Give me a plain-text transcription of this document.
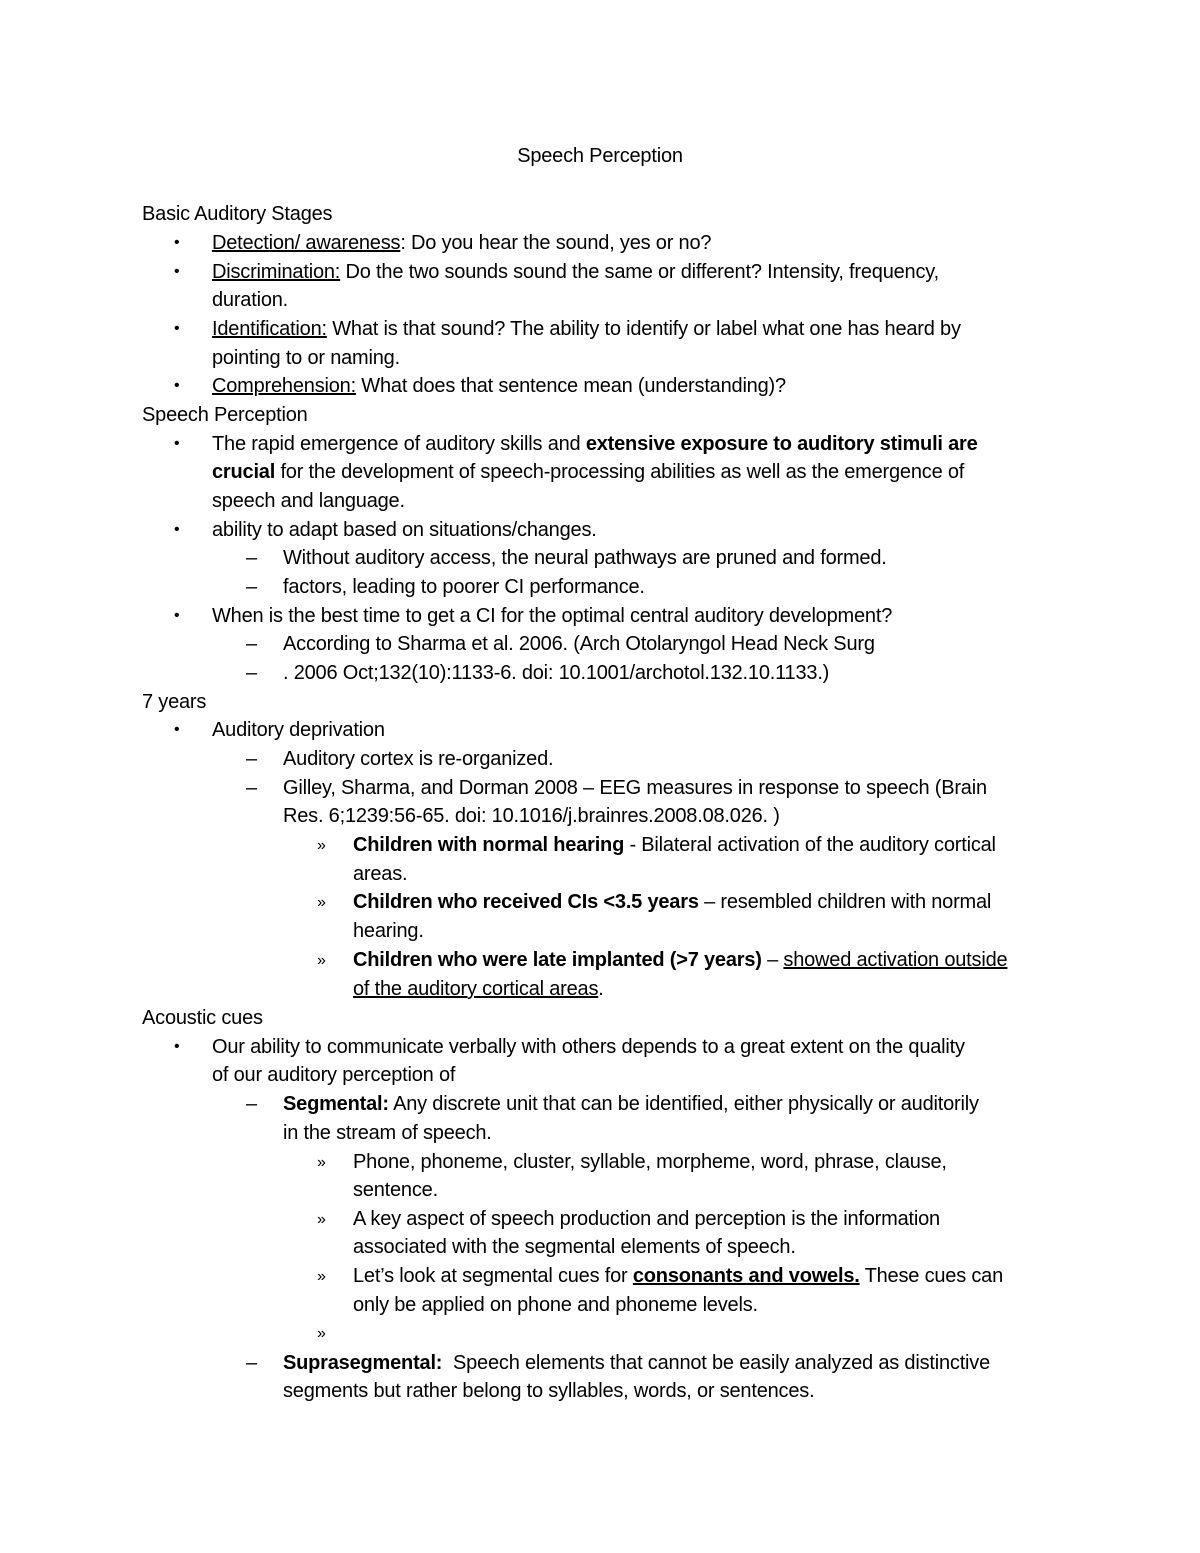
Speech Perception
Basic Auditory Stages
• Detection/ awareness: Do you hear the sound, yes or no?
• Discrimination: Do the two sounds sound the same or different? Intensity, frequency,
duration.
• Identification: What is that sound? The ability to identify or label what one has heard by
pointing to or naming.
• Comprehension: What does that sentence mean (understanding)?
Speech Perception
• The rapid emergence of auditory skills and extensive exposure to auditory stimuli are
crucial for the development of speech-processing abilities as well as the emergence of
speech and language.
• ability to adapt based on situations/changes.
– Without auditory access, the neural pathways are pruned and formed.
– factors, leading to poorer CI performance.
• When is the best time to get a CI for the optimal central auditory development?
– According to Sharma et al. 2006. (Arch Otolaryngol Head Neck Surg
– . 2006 Oct;132(10):1133-6. doi: 10.1001/archotol.132.10.1133.)
7 years
• Auditory deprivation
– Auditory cortex is re-organized.
– Gilley, Sharma, and Dorman 2008 – EEG measures in response to speech (Brain
Res. 6;1239:56-65. doi: 10.1016/j.brainres.2008.08.026. )
» Children with normal hearing - Bilateral activation of the auditory cortical
areas.
» Children who received CIs <3.5 years – resembled children with normal
hearing.
» Children who were late implanted (>7 years) – showed activation outside
of the auditory cortical areas.
Acoustic cues
• Our ability to communicate verbally with others depends to a great extent on the quality
of our auditory perception of
– Segmental: Any discrete unit that can be identified, either physically or auditorily
in the stream of speech.
» Phone, phoneme, cluster, syllable, morpheme, word, phrase, clause,
sentence.
» A key aspect of speech production and perception is the information
associated with the segmental elements of speech.
» Let’s look at segmental cues for consonants and vowels. These cues can
only be applied on phone and phoneme levels.
»
– Suprasegmental:  Speech elements that cannot be easily analyzed as distinctive
segments but rather belong to syllables, words, or sentences.
